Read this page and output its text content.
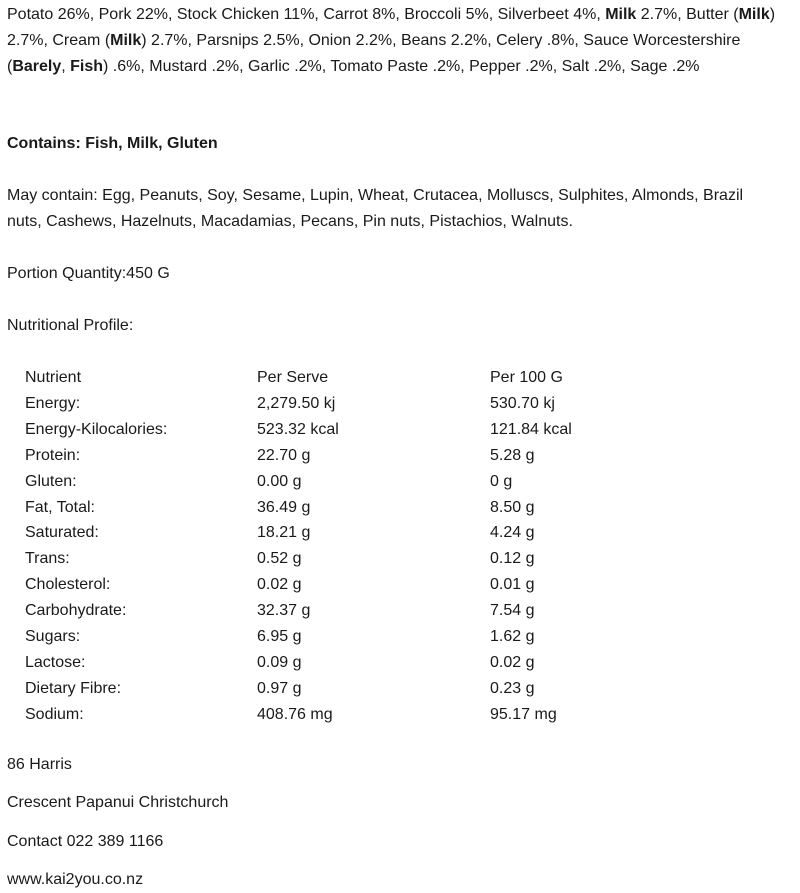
Potato 26%, Pork 22%, Stock Chicken 11%, Carrot 8%, Broccoli 5%, Silverbeet 4%, Milk 2.7%, Butter (Milk) 2.7%, Cream (Milk) 2.7%, Parsnips 2.5%, Onion 2.2%, Beans 2.2%, Celery .8%, Sauce Worcestershire (Barely, Fish) .6%, Mustard .2%, Garlic .2%, Tomato Paste .2%, Pepper .2%, Salt .2%, Sage .2%
Contains: Fish, Milk, Gluten
May contain: Egg, Peanuts, Soy, Sesame, Lupin, Wheat, Crutacea, Molluscs, Sulphites, Almonds, Brazil nuts, Cashews, Hazelnuts, Macadamias, Pecans, Pin nuts, Pistachios, Walnuts.
Portion Quantity:450 G
Nutritional Profile:
Nutrient	Per Serve	Per 100 G
Energy:	2,279.50 kj	530.70 kj
Energy-Kilocalories:	523.32 kcal	121.84 kcal
Protein:	22.70 g	5.28 g
Gluten:	0.00 g	0 g
Fat, Total:	36.49 g	8.50 g
Saturated:	18.21 g	4.24 g
Trans:	0.52 g	0.12 g
Cholesterol:	0.02 g	0.01 g
Carbohydrate:	32.37 g	7.54 g
Sugars:	6.95 g	1.62 g
Lactose:	0.09 g	0.02 g
Dietary Fibre:	0.97 g	0.23 g
Sodium:	408.76 mg	95.17 mg
86 Harris
Crescent Papanui Christchurch
Contact 022 389 1166
www.kai2you.co.nz
